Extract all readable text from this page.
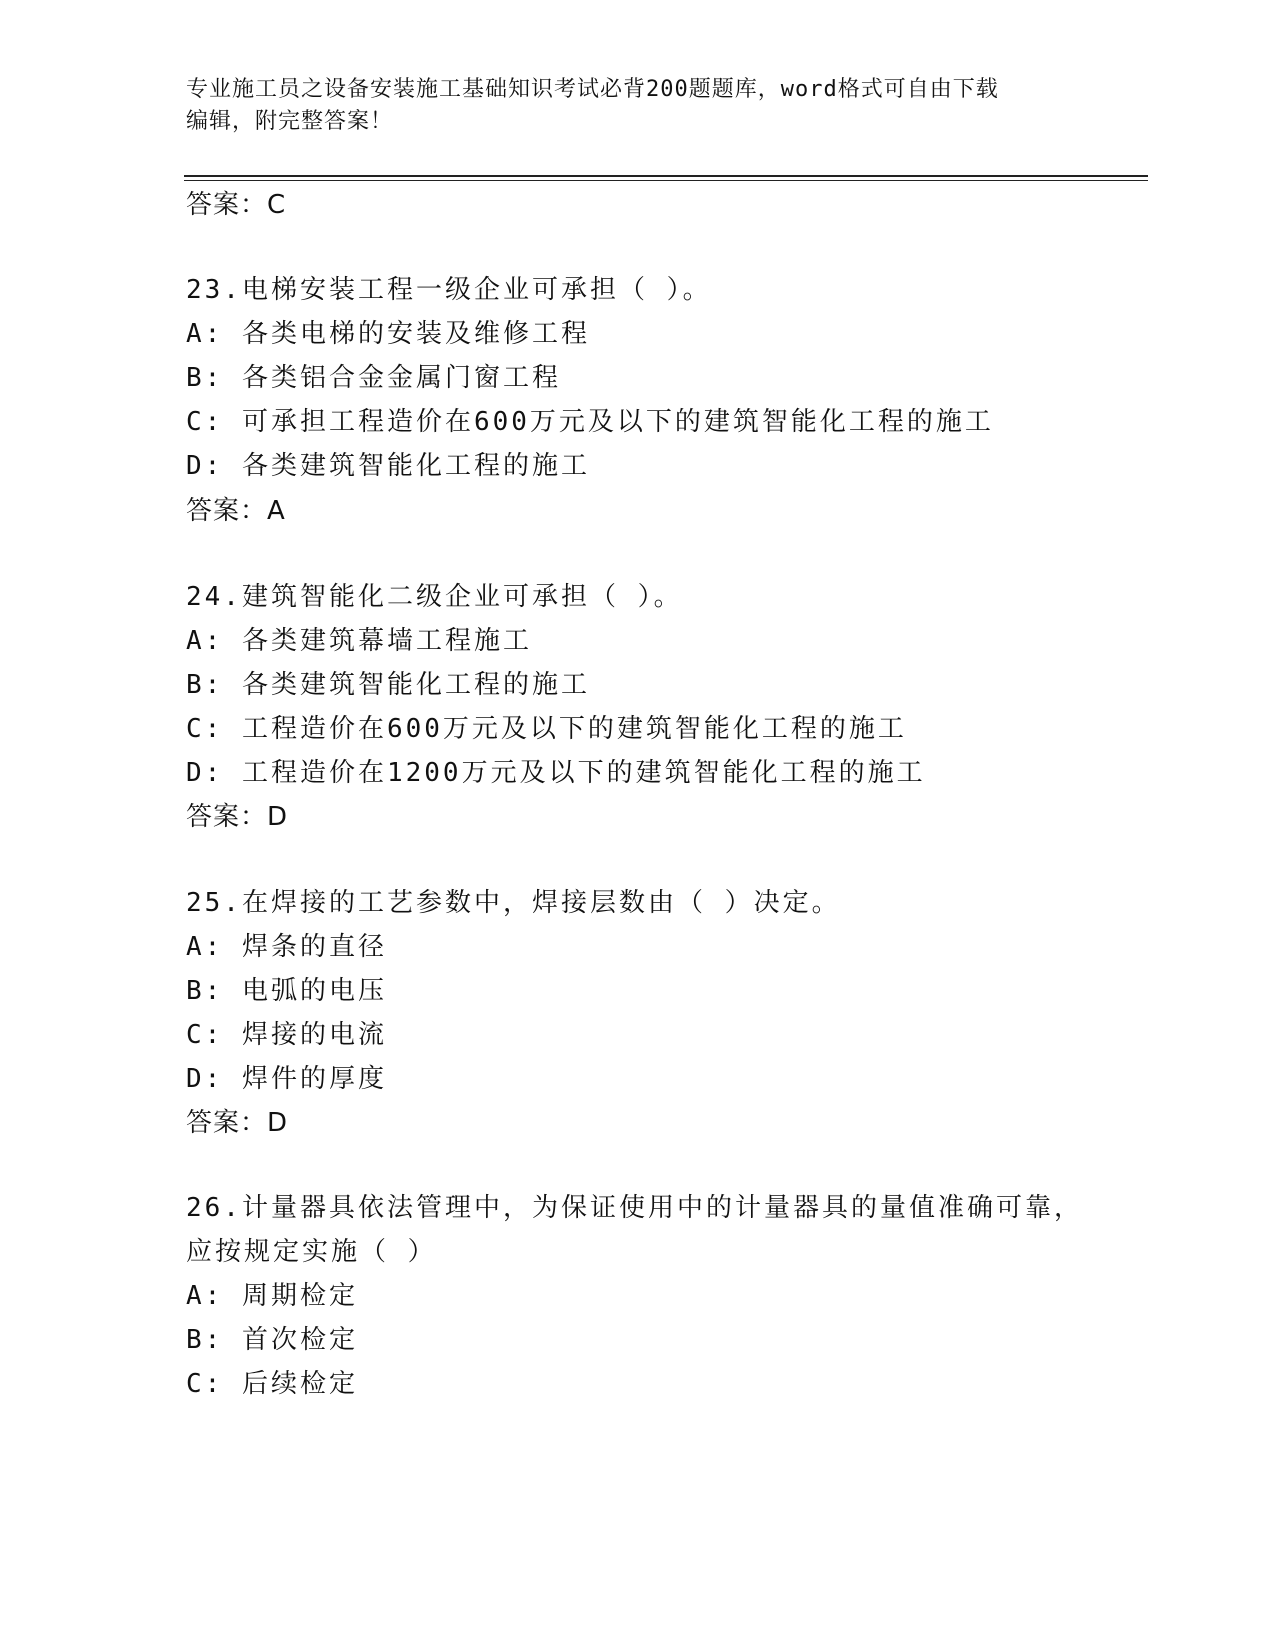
专业施工员之设备安装施工基础知识考试必背200题题库，word格式可自由下载
编辑，附完整答案！
答案：C
23.电梯安装工程一级企业可承担（ ）。
A: 各类电梯的安装及维修工程
B: 各类铝合金金属门窗工程
C: 可承担工程造价在600万元及以下的建筑智能化工程的施工
D: 各类建筑智能化工程的施工
答案：A
24.建筑智能化二级企业可承担（ ）。
A: 各类建筑幕墙工程施工
B: 各类建筑智能化工程的施工
C: 工程造价在600万元及以下的建筑智能化工程的施工
D: 工程造价在1200万元及以下的建筑智能化工程的施工
答案：D
25.在焊接的工艺参数中，焊接层数由（ ）决定。
A: 焊条的直径
B: 电弧的电压
C: 焊接的电流
D: 焊件的厚度
答案：D
26.计量器具依法管理中，为保证使用中的计量器具的量值准确可靠，
应按规定实施（ ）
A: 周期检定
B: 首次检定
C: 后续检定
